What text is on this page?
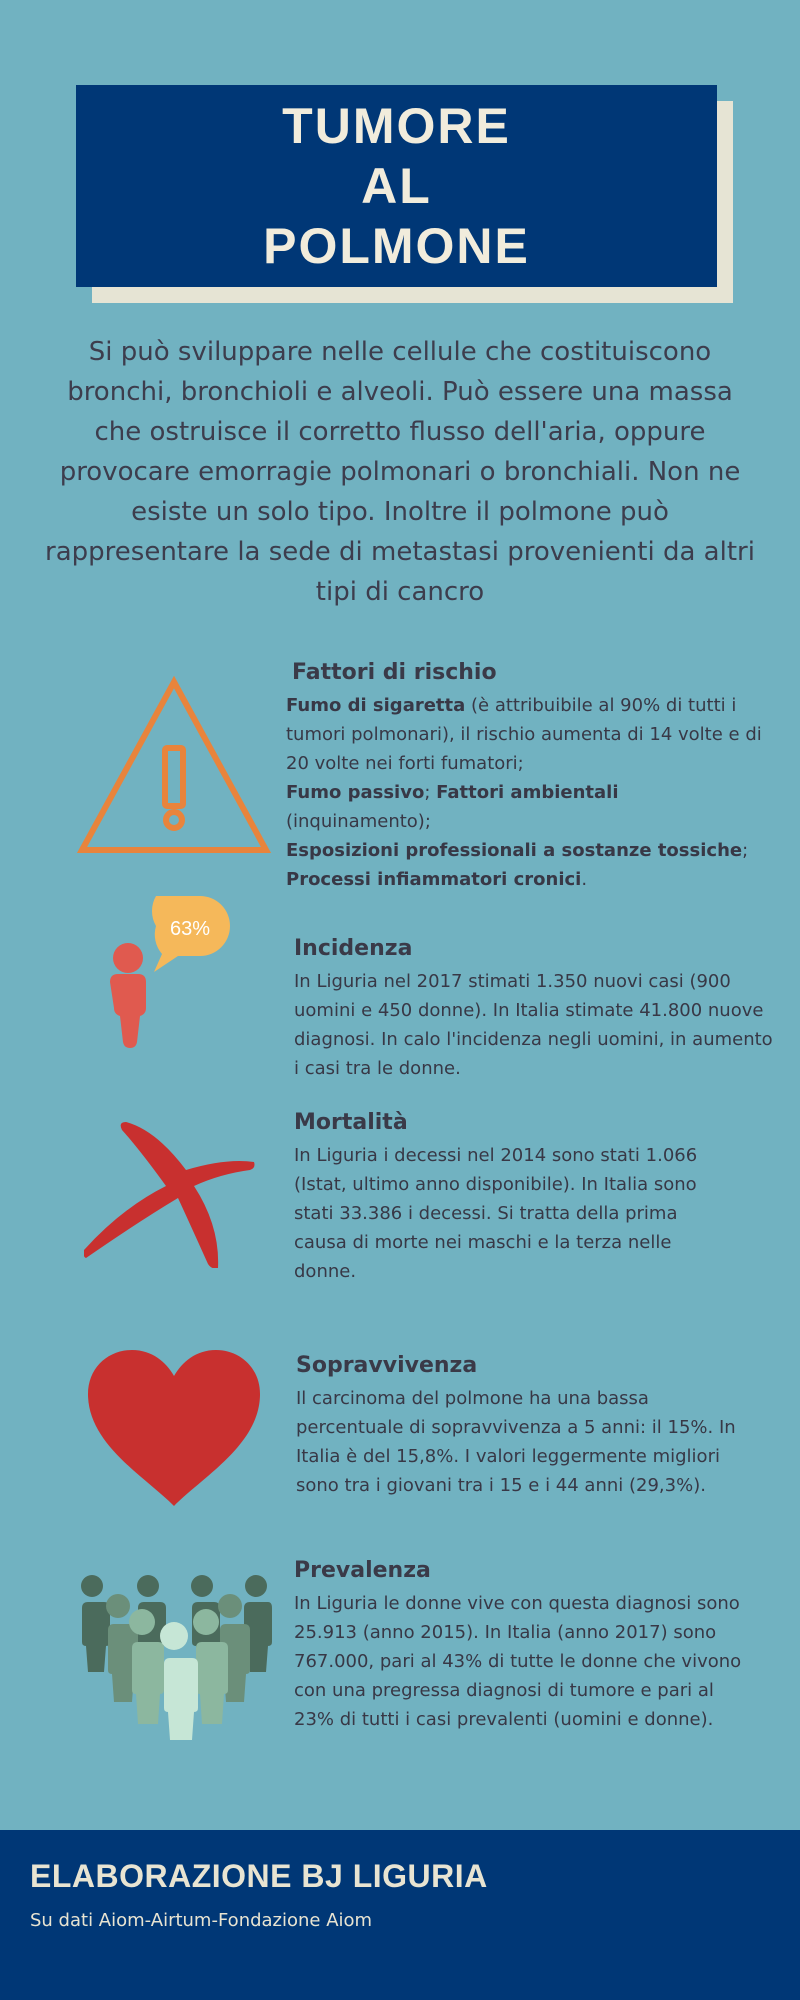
TUMORE AL POLMONE

Si può sviluppare nelle cellule che costituiscono bronchi, bronchioli e alveoli. Può essere una massa che ostruisce il corretto flusso dell'aria, oppure provocare emorragie polmonari o bronchiali. Non ne esiste un solo tipo. Inoltre il polmone può rappresentare la sede di metastasi provenienti da altri tipi di cancro

Fattori di rischio

Fumo di sigaretta (è attribuibile al 90% di tutti i tumori polmonari), il rischio aumenta di 14 volte e di 20 volte nei forti fumatori;
Fumo passivo; Fattori ambientali (inquinamento);
Esposizioni professionali a sostanze tossiche;
Processi infiammatori cronici.

63%
Incidenza

In Liguria nel 2017 stimati 1.350 nuovi casi (900 uomini e 450 donne). In Italia stimate 41.800 nuove diagnosi. In calo l'incidenza negli uomini, in aumento i casi tra le donne.

Mortalità

In Liguria i decessi nel 2014 sono stati 1.066 (Istat, ultimo anno disponibile). In Italia sono stati 33.386 i decessi. Si tratta della prima causa di morte nei maschi e la terza nelle donne.

Sopravvivenza

Il carcinoma del polmone ha una bassa percentuale di sopravvivenza a 5 anni: il 15%. In Italia è del 15,8%. I valori leggermente migliori sono tra i giovani tra i 15 e i 44 anni (29,3%).

Prevalenza

In Liguria le donne vive con questa diagnosi sono 25.913 (anno 2015). In Italia (anno 2017) sono 767.000, pari al 43% di tutte le donne che vivono con una pregressa diagnosi di tumore e pari al 23% di tutti i casi prevalenti (uomini e donne).

ELABORAZIONE BJ LIGURIA

Su dati Aiom-Airtum-Fondazione Aiom
